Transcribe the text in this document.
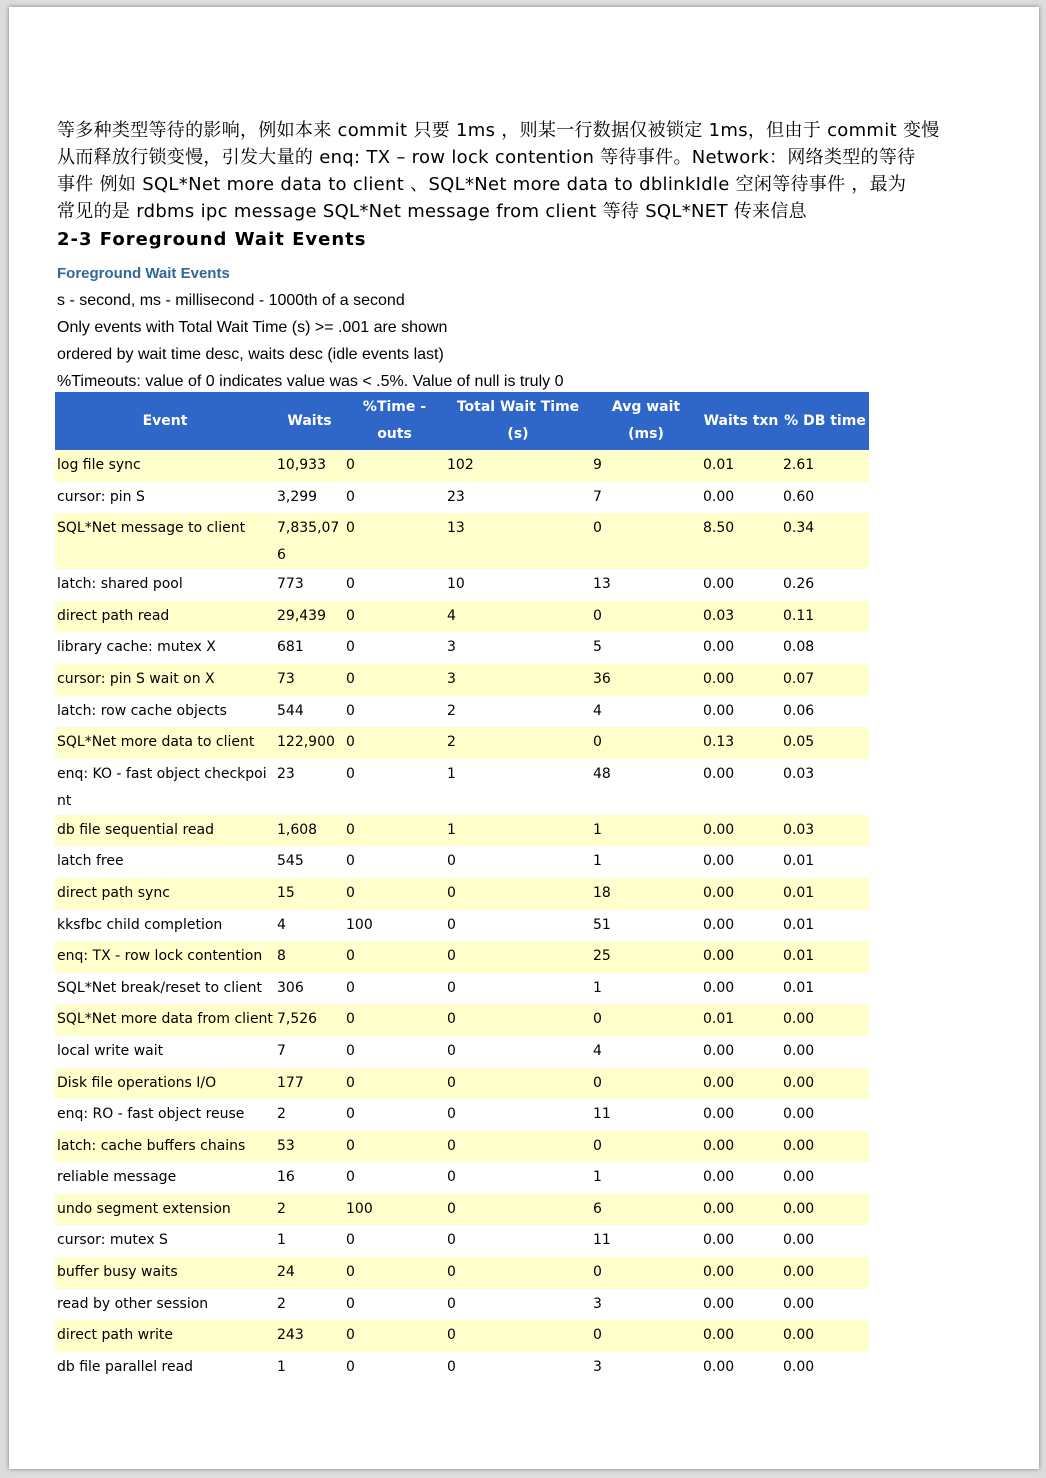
等多种类型等待的影响，例如本来 commit 只要 1ms ，则某一行数据仅被锁定 1ms，但由于 commit 变慢

从而释放行锁变慢，引发大量的 enq: TX – row lock contention 等待事件。Network：网络类型的等待

事件 例如 SQL*Net more data to client 、SQL*Net more data to dblinkIdle 空闲等待事件 ，最为

常见的是 rdbms ipc message SQL*Net message from client 等待 SQL*NET 传来信息

2-3 Foreground Wait Events
Foreground Wait Events
s - second, ms - millisecond - 1000th of a second
Only events with Total Wait Time (s) >= .001 are shown
ordered by wait time desc, waits desc (idle events last)
%Timeouts: value of 0 indicates value was < .5%. Value of null is truly 0
Event	Waits	%Time -outs	Total Wait Time (s)	Avg wait (ms)	Waits txn	% DB time
log file sync	10,933	0	102	9	0.01	2.61
cursor: pin S	3,299	0	23	7	0.00	0.60
SQL*Net message to client	7,835,076	0	13	0	8.50	0.34
latch: shared pool	773	0	10	13	0.00	0.26
direct path read	29,439	0	4	0	0.03	0.11
library cache: mutex X	681	0	3	5	0.00	0.08
cursor: pin S wait on X	73	0	3	36	0.00	0.07
latch: row cache objects	544	0	2	4	0.00	0.06
SQL*Net more data to client	122,900	0	2	0	0.13	0.05
enq: KO - fast object checkpoint	23	0	1	48	0.00	0.03
db file sequential read	1,608	0	1	1	0.00	0.03
latch free	545	0	0	1	0.00	0.01
direct path sync	15	0	0	18	0.00	0.01
kksfbc child completion	4	100	0	51	0.00	0.01
enq: TX - row lock contention	8	0	0	25	0.00	0.01
SQL*Net break/reset to client	306	0	0	1	0.00	0.01
SQL*Net more data from client	7,526	0	0	0	0.01	0.00
local write wait	7	0	0	4	0.00	0.00
Disk file operations I/O	177	0	0	0	0.00	0.00
enq: RO - fast object reuse	2	0	0	11	0.00	0.00
latch: cache buffers chains	53	0	0	0	0.00	0.00
reliable message	16	0	0	1	0.00	0.00
undo segment extension	2	100	0	6	0.00	0.00
cursor: mutex S	1	0	0	11	0.00	0.00
buffer busy waits	24	0	0	0	0.00	0.00
read by other session	2	0	0	3	0.00	0.00
direct path write	243	0	0	0	0.00	0.00
db file parallel read	1	0	0	3	0.00	0.00
